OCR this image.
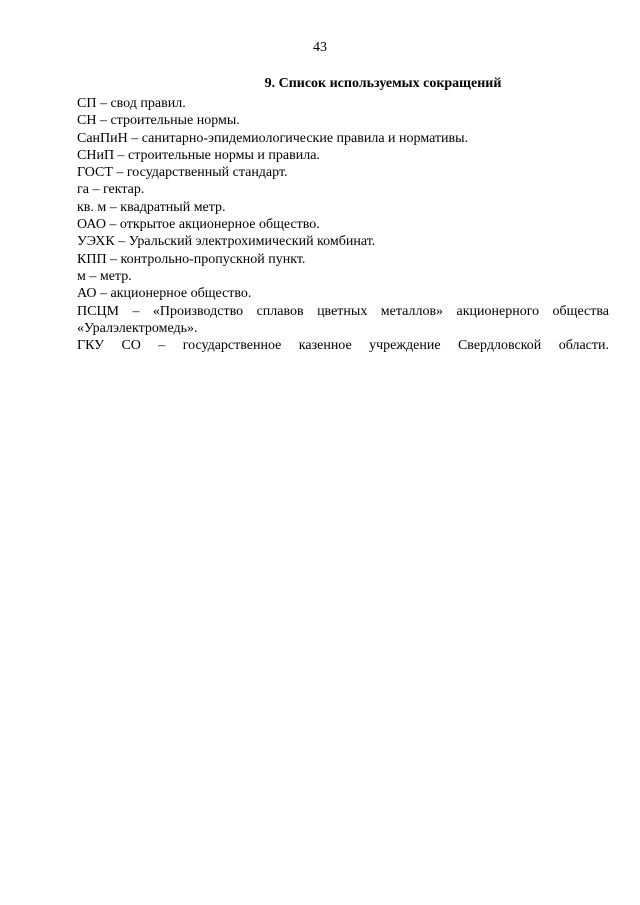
43
9. Список используемых сокращений
СП – свод правил.
СН – строительные нормы.
СанПиН – санитарно-эпидемиологические правила и нормативы.
СНиП – строительные нормы и правила.
ГОСТ – государственный стандарт.
га – гектар.
кв. м – квадратный метр.
ОАО – открытое акционерное общество.
УЭХК – Уральский электрохимический комбинат.
КПП – контрольно-пропускной пункт.
м – метр.
АО – акционерное общество.
ПСЦМ – «Производство сплавов цветных металлов» акционерного общества «Уралэлектромедь».
ГКУ СО – государственное казенное учреждение Свердловской области.
